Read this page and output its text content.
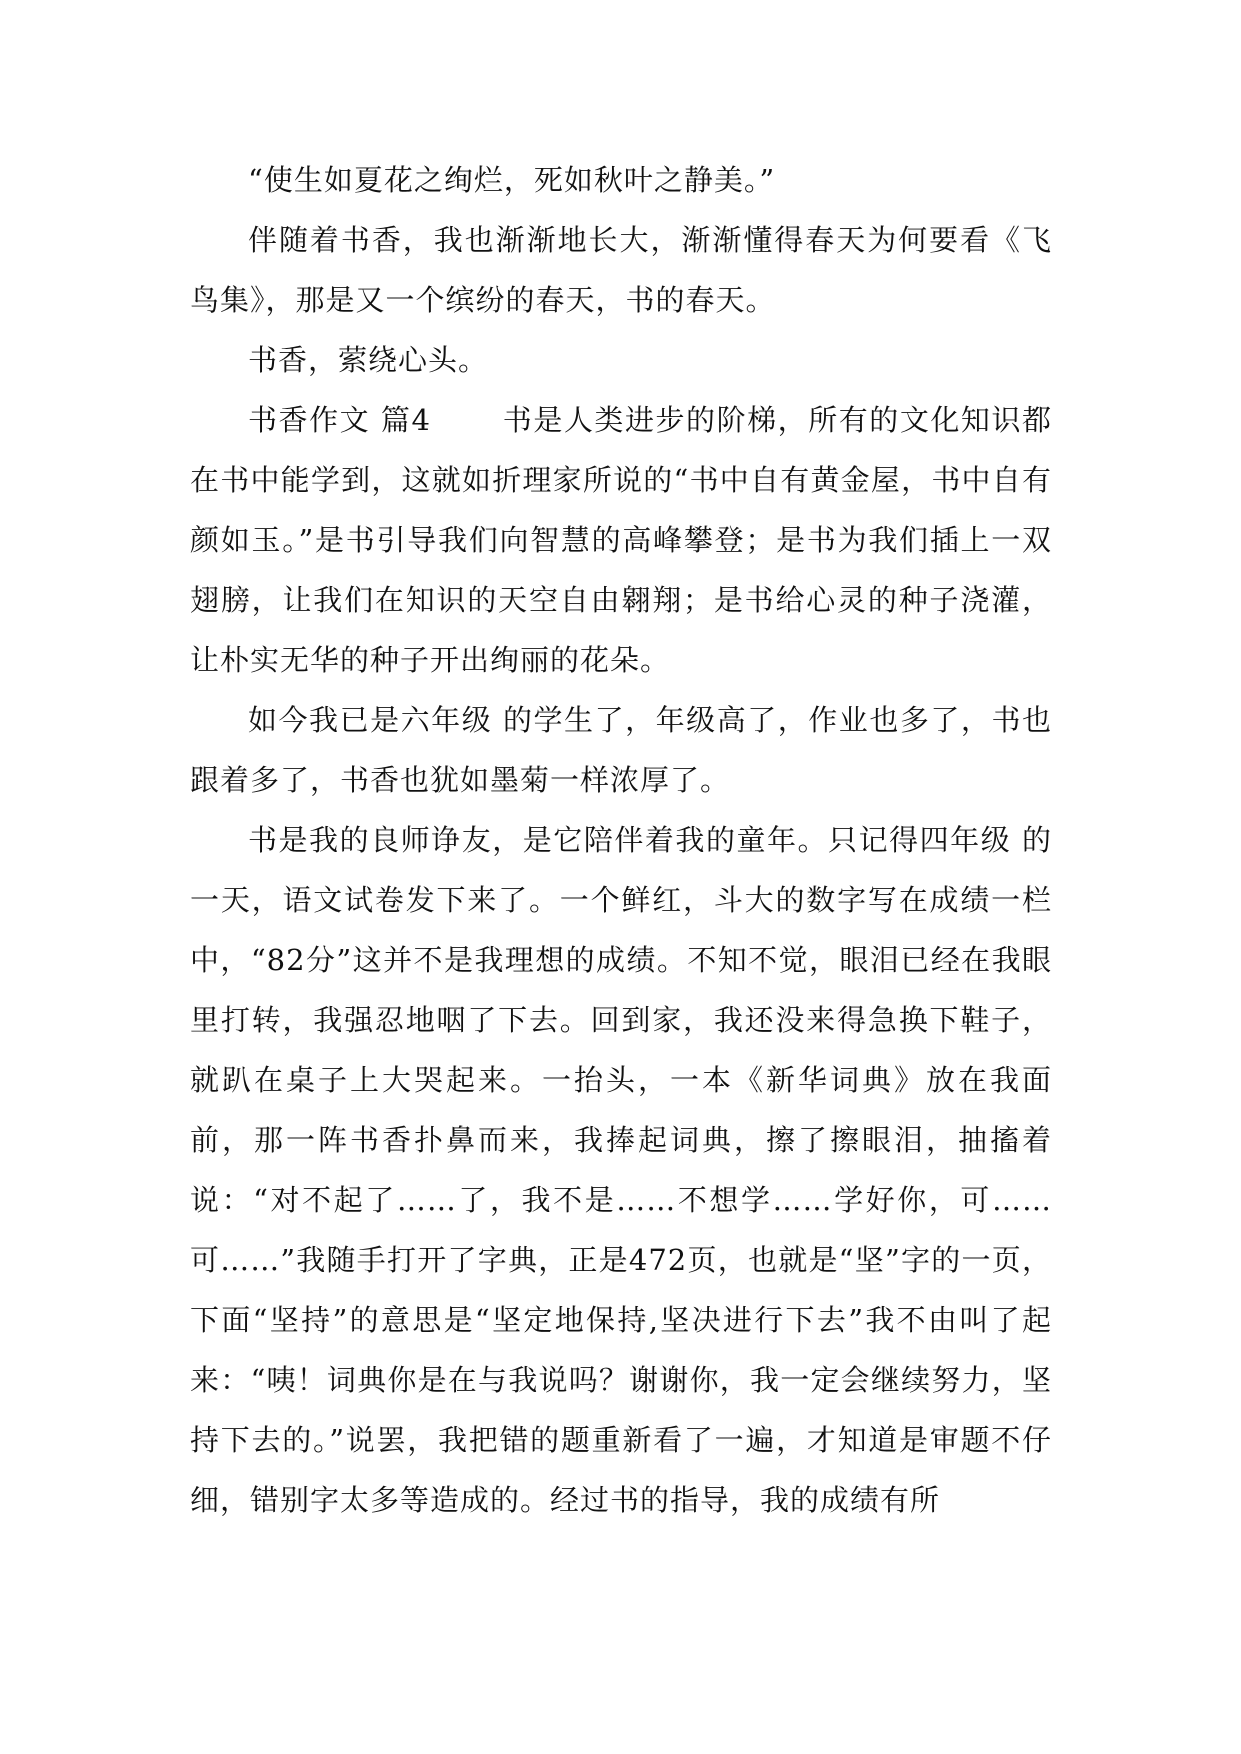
“使生如夏花之绚烂，死如秋叶之静美。”

伴随着书香，我也渐渐地长大，渐渐懂得春天为何要看《飞鸟集》，那是又一个缤纷的春天，书的春天。

书香，萦绕心头。

书香作文 篇4 　　书是人类进步的阶梯，所有的文化知识都在书中能学到，这就如折理家所说的“书中自有黄金屋，书中自有颜如玉。”是书引导我们向智慧的高峰攀登；是书为我们插上一双翅膀，让我们在知识的天空自由翱翔；是书给心灵的种子浇灌，让朴实无华的种子开出绚丽的花朵。

如今我已是六年级 的学生了，年级高了，作业也多了，书也跟着多了，书香也犹如墨菊一样浓厚了。

书是我的良师诤友，是它陪伴着我的童年。只记得四年级 的一天，语文试卷发下来了。一个鲜红，斗大的数字写在成绩一栏中，“82分”这并不是我理想的成绩。不知不觉，眼泪已经在我眼里打转，我强忍地咽了下去。回到家，我还没来得急换下鞋子，就趴在桌子上大哭起来。一抬头，一本《新华词典》放在我面前，那一阵书香扑鼻而来，我捧起词典，擦了擦眼泪，抽搐着说：“对不起了……了，我不是……不想学……学好你，可……可……”我随手打开了字典，正是472页，也就是“坚”字的一页，下面“坚持”的意思是“坚定地保持,坚决进行下去”我不由叫了起来：“咦！词典你是在与我说吗？谢谢你，我一定会继续努力，坚持下去的。”说罢，我把错的题重新看了一遍，才知道是审题不仔细，错别字太多等造成的。经过书的指导，我的成绩有所
